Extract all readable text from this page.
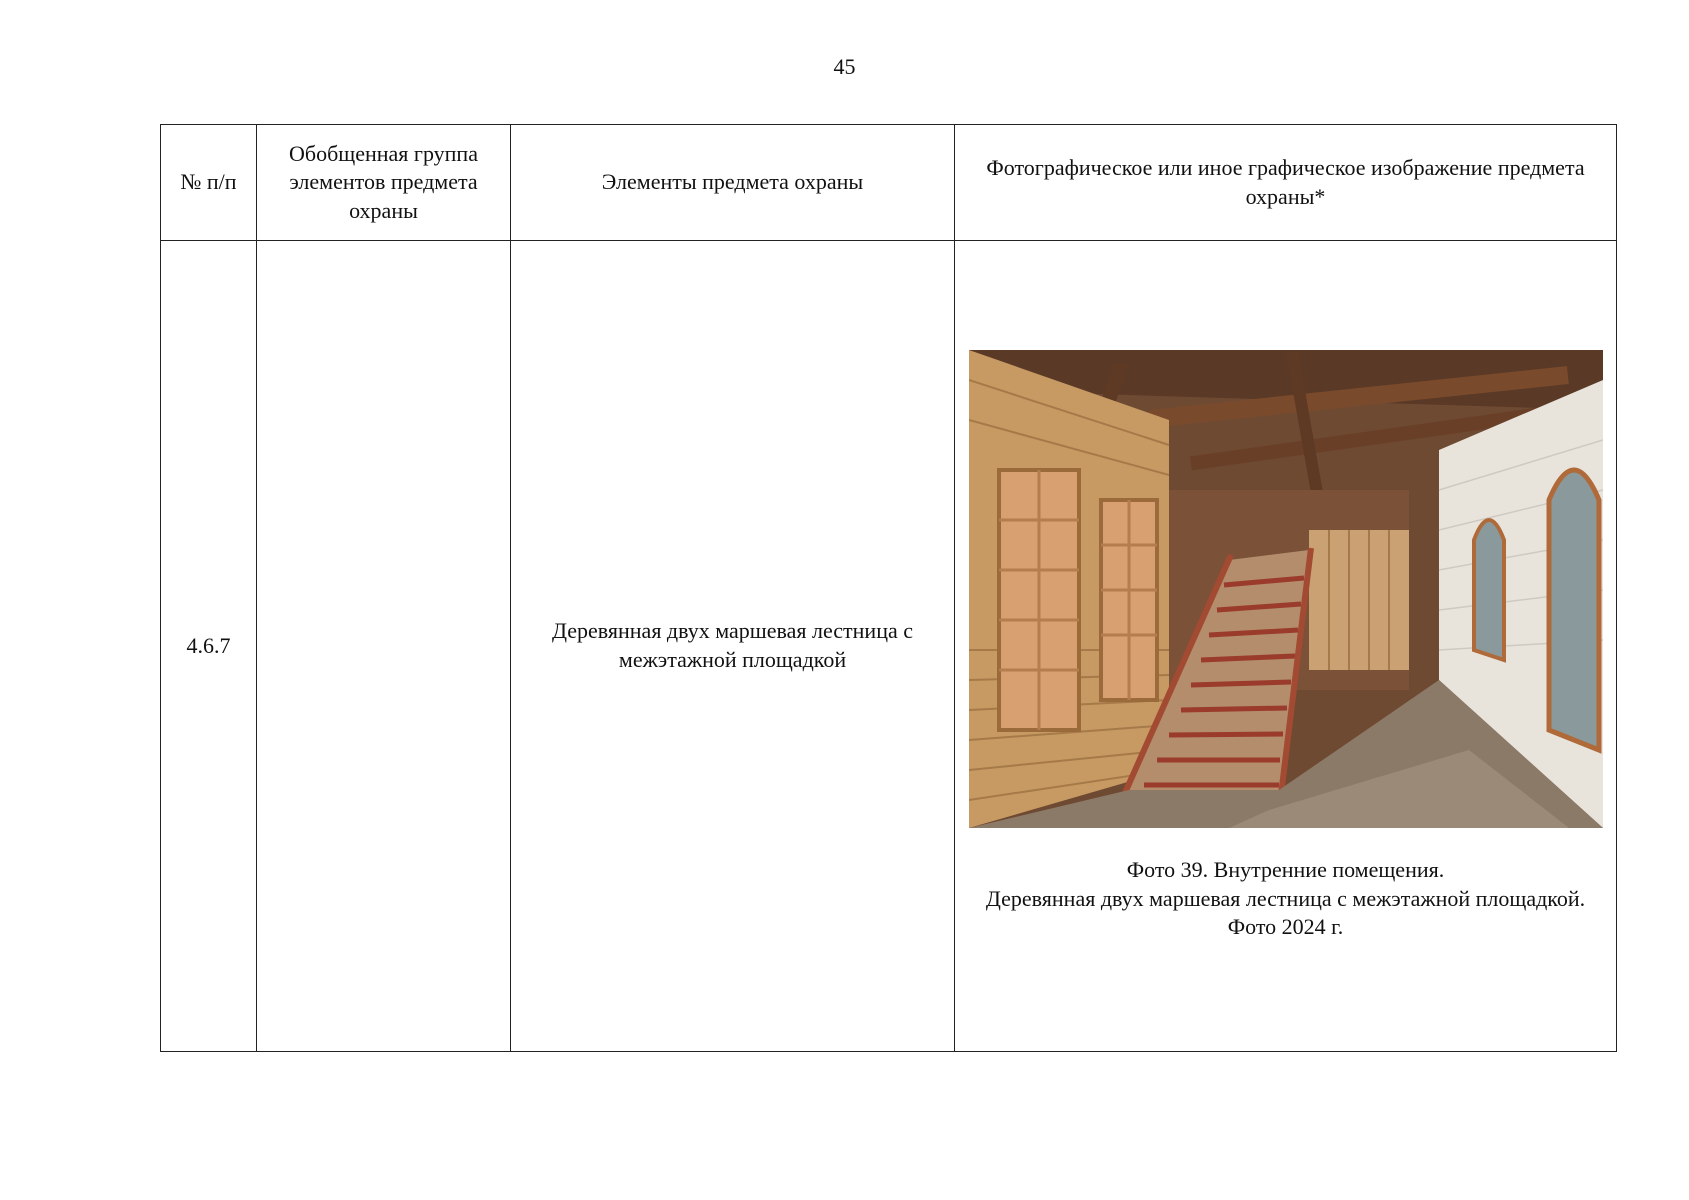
45
№ п/п	Обобщенная группа элементов предмета охраны	Элементы предмета охраны	Фотографическое или иное графическое изображение предмета охраны*
4.6.7		Деревянная двух маршевая лестница с межэтажной площадкой	Фото 39. Внутренние помещения.
Деревянная двух маршевая лестница с межэтажной площадкой.
Фото 2024 г.
